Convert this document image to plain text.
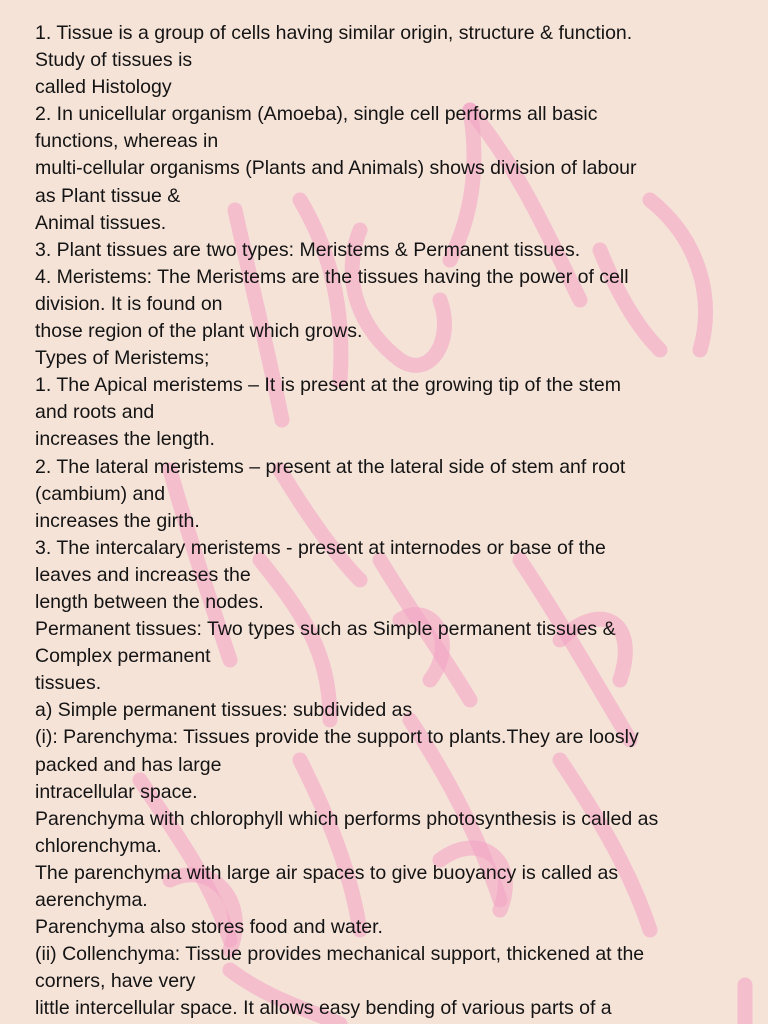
1. Tissue is a group of cells having similar origin, structure & function.
Study of tissues is
called Histology
2. In unicellular organism (Amoeba), single cell performs all basic
functions, whereas in
multi-cellular organisms (Plants and Animals) shows division of labour
as Plant tissue &
Animal tissues.
3. Plant tissues are two types: Meristems & Permanent tissues.
4. Meristems: The Meristems are the tissues having the power of cell
division. It is found on
those region of the plant which grows.
Types of Meristems;
1. The Apical meristems – It is present at the growing tip of the stem
and roots and
increases the length.
2. The lateral meristems – present at the lateral side of stem anf root
(cambium) and
increases the girth.
3. The intercalary meristems - present at internodes or base of the
leaves and increases the
length between the nodes.
Permanent tissues: Two types such as Simple permanent tissues &
Complex permanent
tissues.
a) Simple permanent tissues: subdivided as
(i): Parenchyma: Tissues provide the support to plants.They are loosly
packed and has large
intracellular space.
Parenchyma with chlorophyll which performs photosynthesis is called as
chlorenchyma.
The parenchyma with large air spaces to give buoyancy is called as
aerenchyma.
Parenchyma also stores food and water.
(ii) Collenchyma: Tissue provides mechanical support, thickened at the
corners, have very
little intercellular space. It allows easy bending of various parts of a
